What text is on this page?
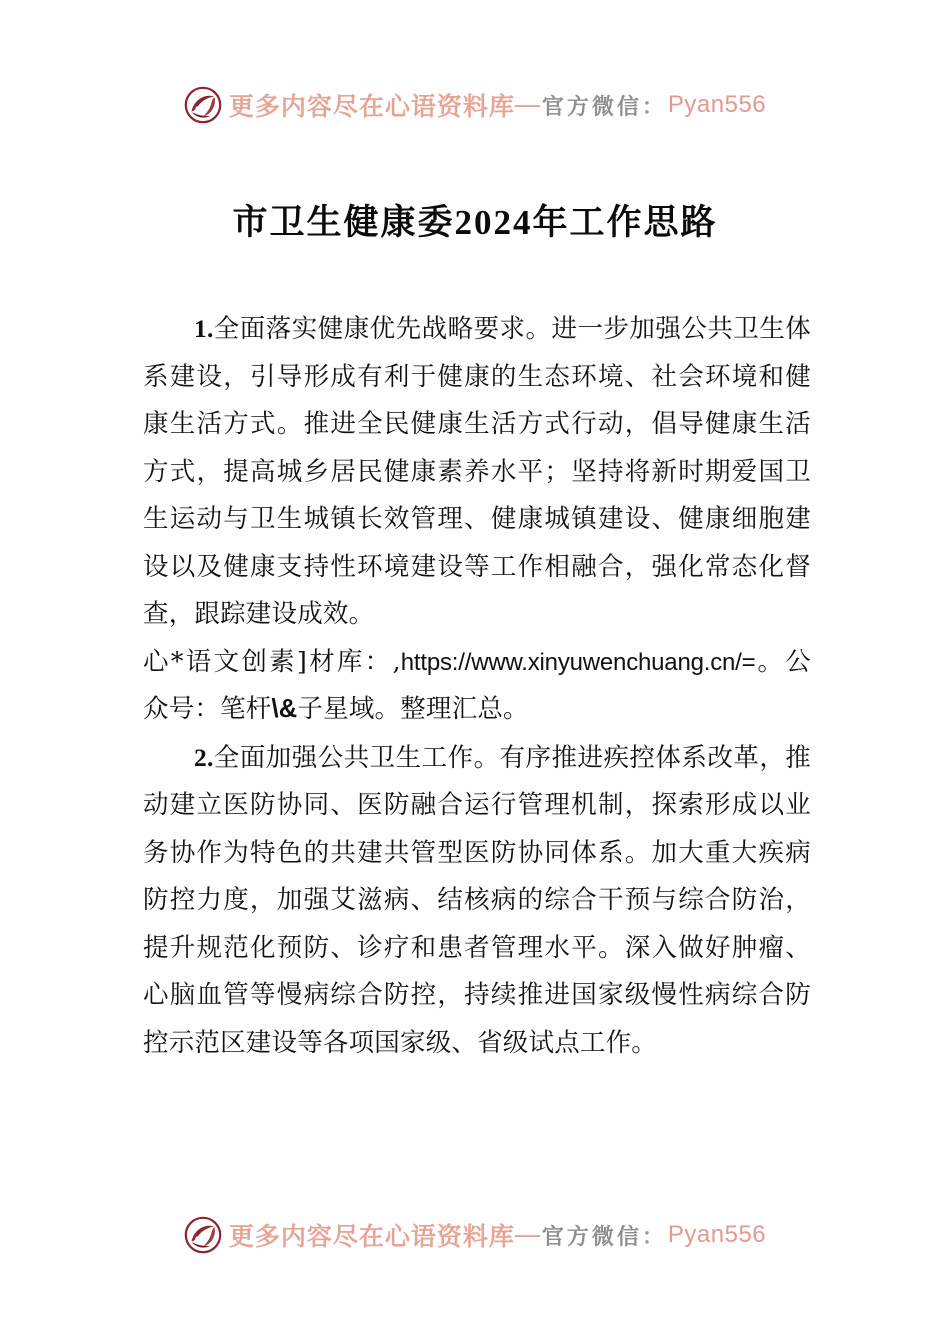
更多内容尽在心语资料库 — 官方微信 ： Pyan556
市卫生健康委2024年工作思路

1.全面落实健康优先战略要求。进一步加强公共卫生体系建设，引导形成有利于健康的生态环境、社会环境和健康生活方式。推进全民健康生活方式行动，倡导健康生活方式，提高城乡居民健康素养水平；坚持将新时期爱国卫生运动与卫生城镇长效管理、健康城镇建设、健康细胞建设以及健康支持性环境建设等工作相融合，强化常态化督查，跟踪建设成效。

心*语文创素]材库：,https://www.xinyuwenchuang.cn/=。公众号：笔杆\&子星域。整理汇总。

2.全面加强公共卫生工作。有序推进疾控体系改革，推动建立医防协同、医防融合运行管理机制，探索形成以业务协作为特色的共建共管型医防协同体系。加大重大疾病防控力度，加强艾滋病、结核病的综合干预与综合防治，提升规范化预防、诊疗和患者管理水平。深入做好肿瘤、心脑血管等慢病综合防控，持续推进国家级慢性病综合防控示范区建设等各项国家级、省级试点工作。

更多内容尽在心语资料库 — 官方微信 ： Pyan556
